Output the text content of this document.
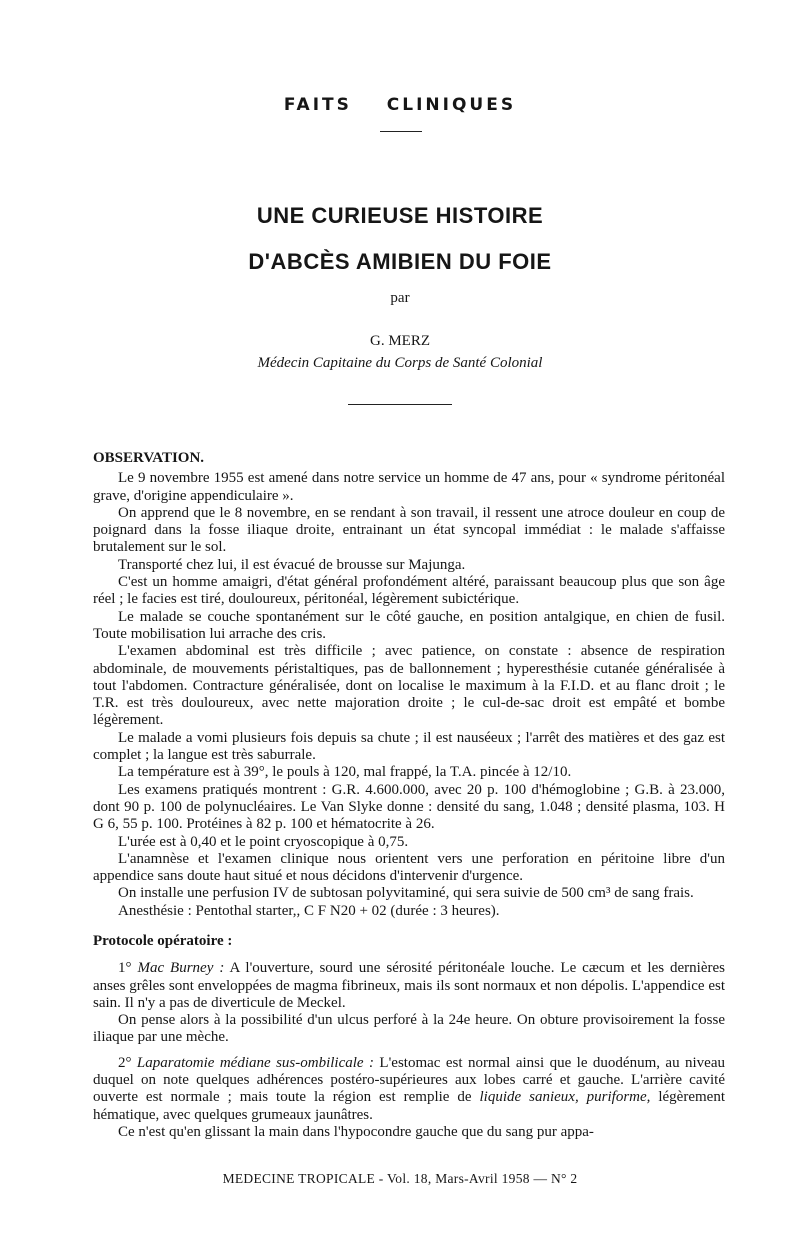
FAITS CLINIQUES
UNE CURIEUSE HISTOIRE
D'ABCÈS AMIBIEN DU FOIE
par
G. MERZ
Médecin Capitaine du Corps de Santé Colonial

OBSERVATION.

Le 9 novembre 1955 est amené dans notre service un homme de 47 ans, pour « syndrome péritonéal grave, d'origine appendiculaire ».

On apprend que le 8 novembre, en se rendant à son travail, il ressent une atroce douleur en coup de poignard dans la fosse iliaque droite, entrainant un état syncopal immédiat : le malade s'affaisse brutalement sur le sol.

Transporté chez lui, il est évacué de brousse sur Majunga.

C'est un homme amaigri, d'état général profondément altéré, paraissant beaucoup plus que son âge réel ; le facies est tiré, douloureux, péritonéal, légèrement subictérique.

Le malade se couche spontanément sur le côté gauche, en position antalgique, en chien de fusil. Toute mobilisation lui arrache des cris.

L'examen abdominal est très difficile ; avec patience, on constate : absence de respiration abdominale, de mouvements péristaltiques, pas de ballonnement ; hyperesthésie cutanée généralisée à tout l'abdomen. Contracture généralisée, dont on localise le maximum à la F.I.D. et au flanc droit ; le T.R. est très douloureux, avec nette majoration droite ; le cul-de-sac droit est empâté et bombe légèrement.

Le malade a vomi plusieurs fois depuis sa chute ; il est nauséeux ; l'arrêt des matières et des gaz est complet ; la langue est très saburrale.

La température est à 39°, le pouls à 120, mal frappé, la T.A. pincée à 12/10.

Les examens pratiqués montrent : G.R. 4.600.000, avec 20 p. 100 d'hémoglobine ; G.B. à 23.000, dont 90 p. 100 de polynucléaires. Le Van Slyke donne : densité du sang, 1.048 ; densité plasma, 103. H G 6, 55 p. 100. Protéines à 82 p. 100 et hématocrite à 26.

L'urée est à 0,40 et le point cryoscopique à 0,75.

L'anamnèse et l'examen clinique nous orientent vers une perforation en péritoine libre d'un appendice sans doute haut situé et nous décidons d'intervenir d'urgence.

On installe une perfusion IV de subtosan polyvitaminé, qui sera suivie de 500 cm³ de sang frais.

Anesthésie : Pentothal starter,, C F N20 + 02 (durée : 3 heures).

Protocole opératoire :

1° Mac Burney : A l'ouverture, sourd une sérosité péritonéale louche. Le cæcum et les dernières anses grêles sont enveloppées de magma fibrineux, mais ils sont normaux et non dépolis. L'appendice est sain. Il n'y a pas de diverticule de Meckel.

On pense alors à la possibilité d'un ulcus perforé à la 24e heure. On obture provisoirement la fosse iliaque par une mèche.

2° Laparatomie médiane sus-ombilicale : L'estomac est normal ainsi que le duodénum, au niveau duquel on note quelques adhérences postéro-supérieures aux lobes carré et gauche. L'arrière cavité ouverte est normale ; mais toute la région est remplie de liquide sanieux, puriforme, légèrement hématique, avec quelques grumeaux jaunâtres.

Ce n'est qu'en glissant la main dans l'hypocondre gauche que du sang pur appa-

MEDECINE TROPICALE - Vol. 18, Mars-Avril 1958 — N° 2
